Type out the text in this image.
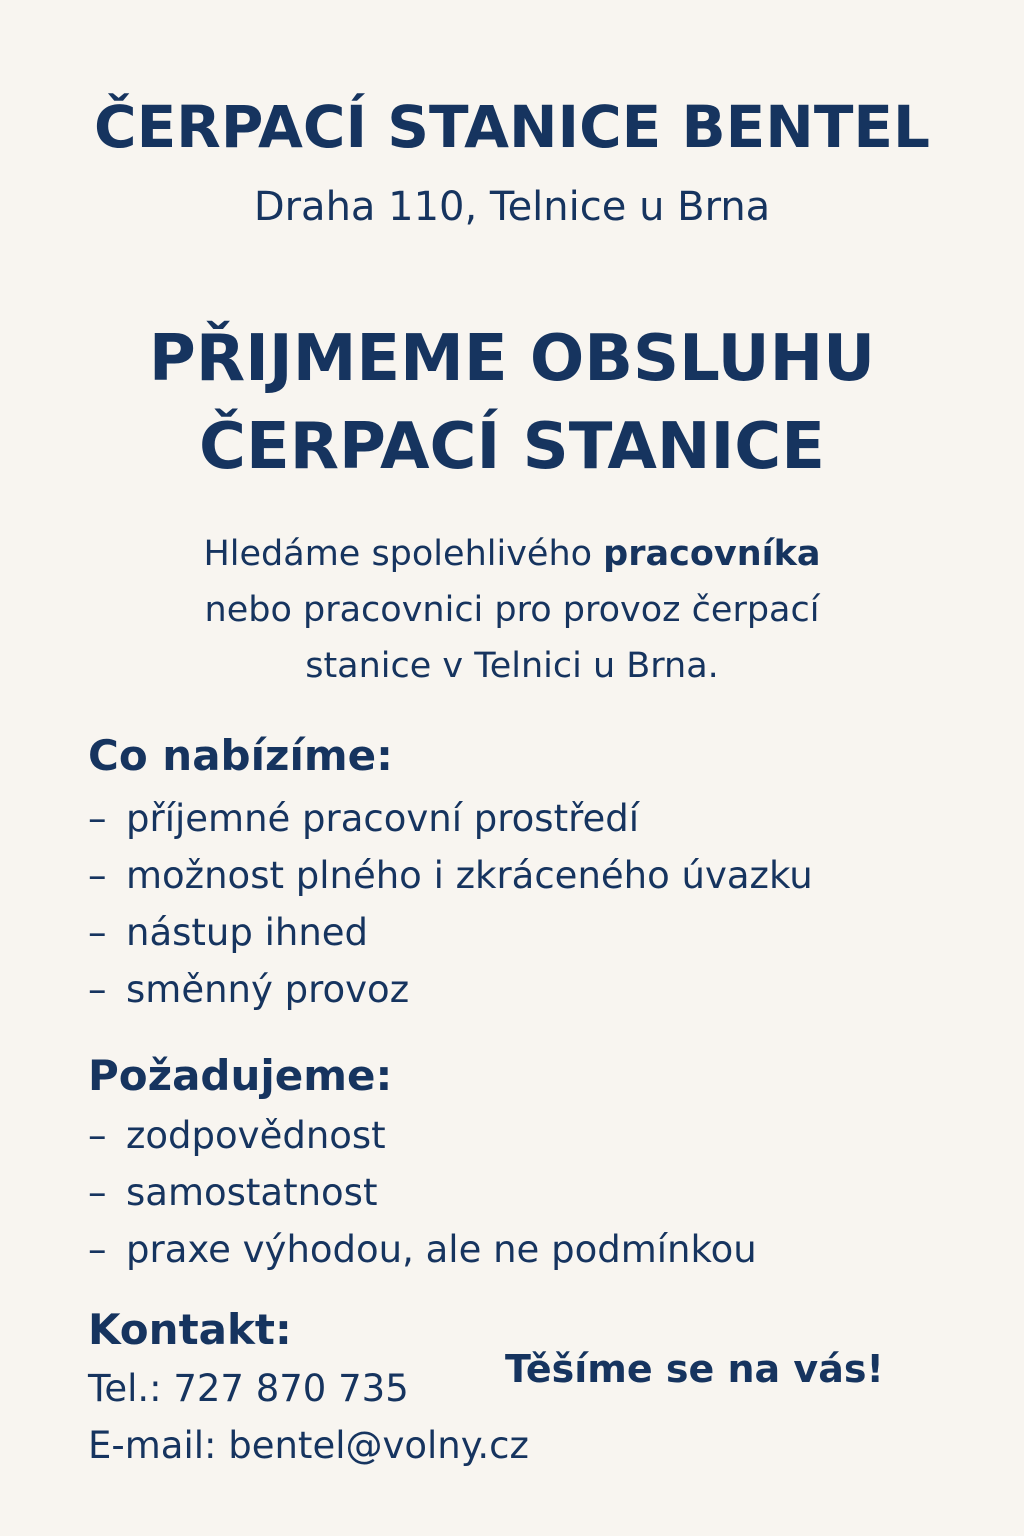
ČERPACÍ STANICE BENTEL
Draha 110, Telnice u Brna
PŘIJMEME OBSLUHU
ČERPACÍ STANICE
Hledáme spolehlivého pracovníka
nebo pracovnici pro provoz čerpací
stanice v Telnici u Brna.
Co nabízíme:
– příjemné pracovní prostředí
– možnost plného i zkráceného úvazku
– nástup ihned
– směnný provoz
Požadujeme:
– zodpovědnost
– samostatnost
– praxe výhodou, ale ne podmínkou
Kontakt:
Tel.: 727 870 735
E-mail: bentel@volny.cz
Těšíme se na vás!
